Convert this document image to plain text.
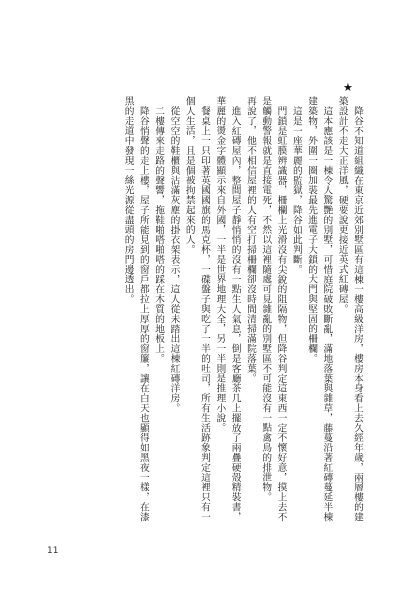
★

降谷不知道組織在東京近郊別墅區有這棟一樓高級洋房，樓房本身看上去久經年歲，兩層樓的建築設計不走大正洋風，硬要說更接近英式紅磚屋。

這本應該是一棟令人驚艷的別墅，可惜庭院破敗斷亂，滿地落葉與雜草，藤蔓沿著紅磚蔓延半棟建築物，外圍一圈加裝最先進電子大鎖的大門與堅固的柵欄。

這是一座華麗的監獄，降谷如此判斷。

門鎖是虹膜辨識器，柵欄上光滑沒有尖銳的阻隔物，但降谷判定這東西一定不懷好意，摸上去不是觸動警報就是直接電死，不然以這裡隨處可見雜亂的別墅區不可能沒有一點禽鳥的排泄物。

再說了，他不相信屋裡的人有空打掃柵欄卻沒時間清掃滿院落葉。

進入紅磚屋內，整間屋子靜悄悄的沒有一點生人氣息，倒是客廳茶几上擺放了兩疊硬殼精裝書，華麗的燙金字體顯示來自外國，一半是世界地理大全，另一半則是推理小說。

餐桌上一只印著英國國旗的馬克杯，一碟盤子與吃了一半的吐司，所有生活跡象判定這裡只有一個人生活，且是個被拘禁起來的人。

從空空的鞋櫃與沾滿灰塵的掛衣架表示，這人從未踏出這棟紅磚洋房。

二樓傳來走路的聲響，拖鞋啪嗒啪嗒的踩在木質的地板上。

降谷悄聲的走上樓，屋子所能見到的窗戶都拉上厚厚的窗簾，讓在白天也顯得如黑夜一樣，在漆黑的走道中發現一絲光源從盡頭的房門邊透出。

11
